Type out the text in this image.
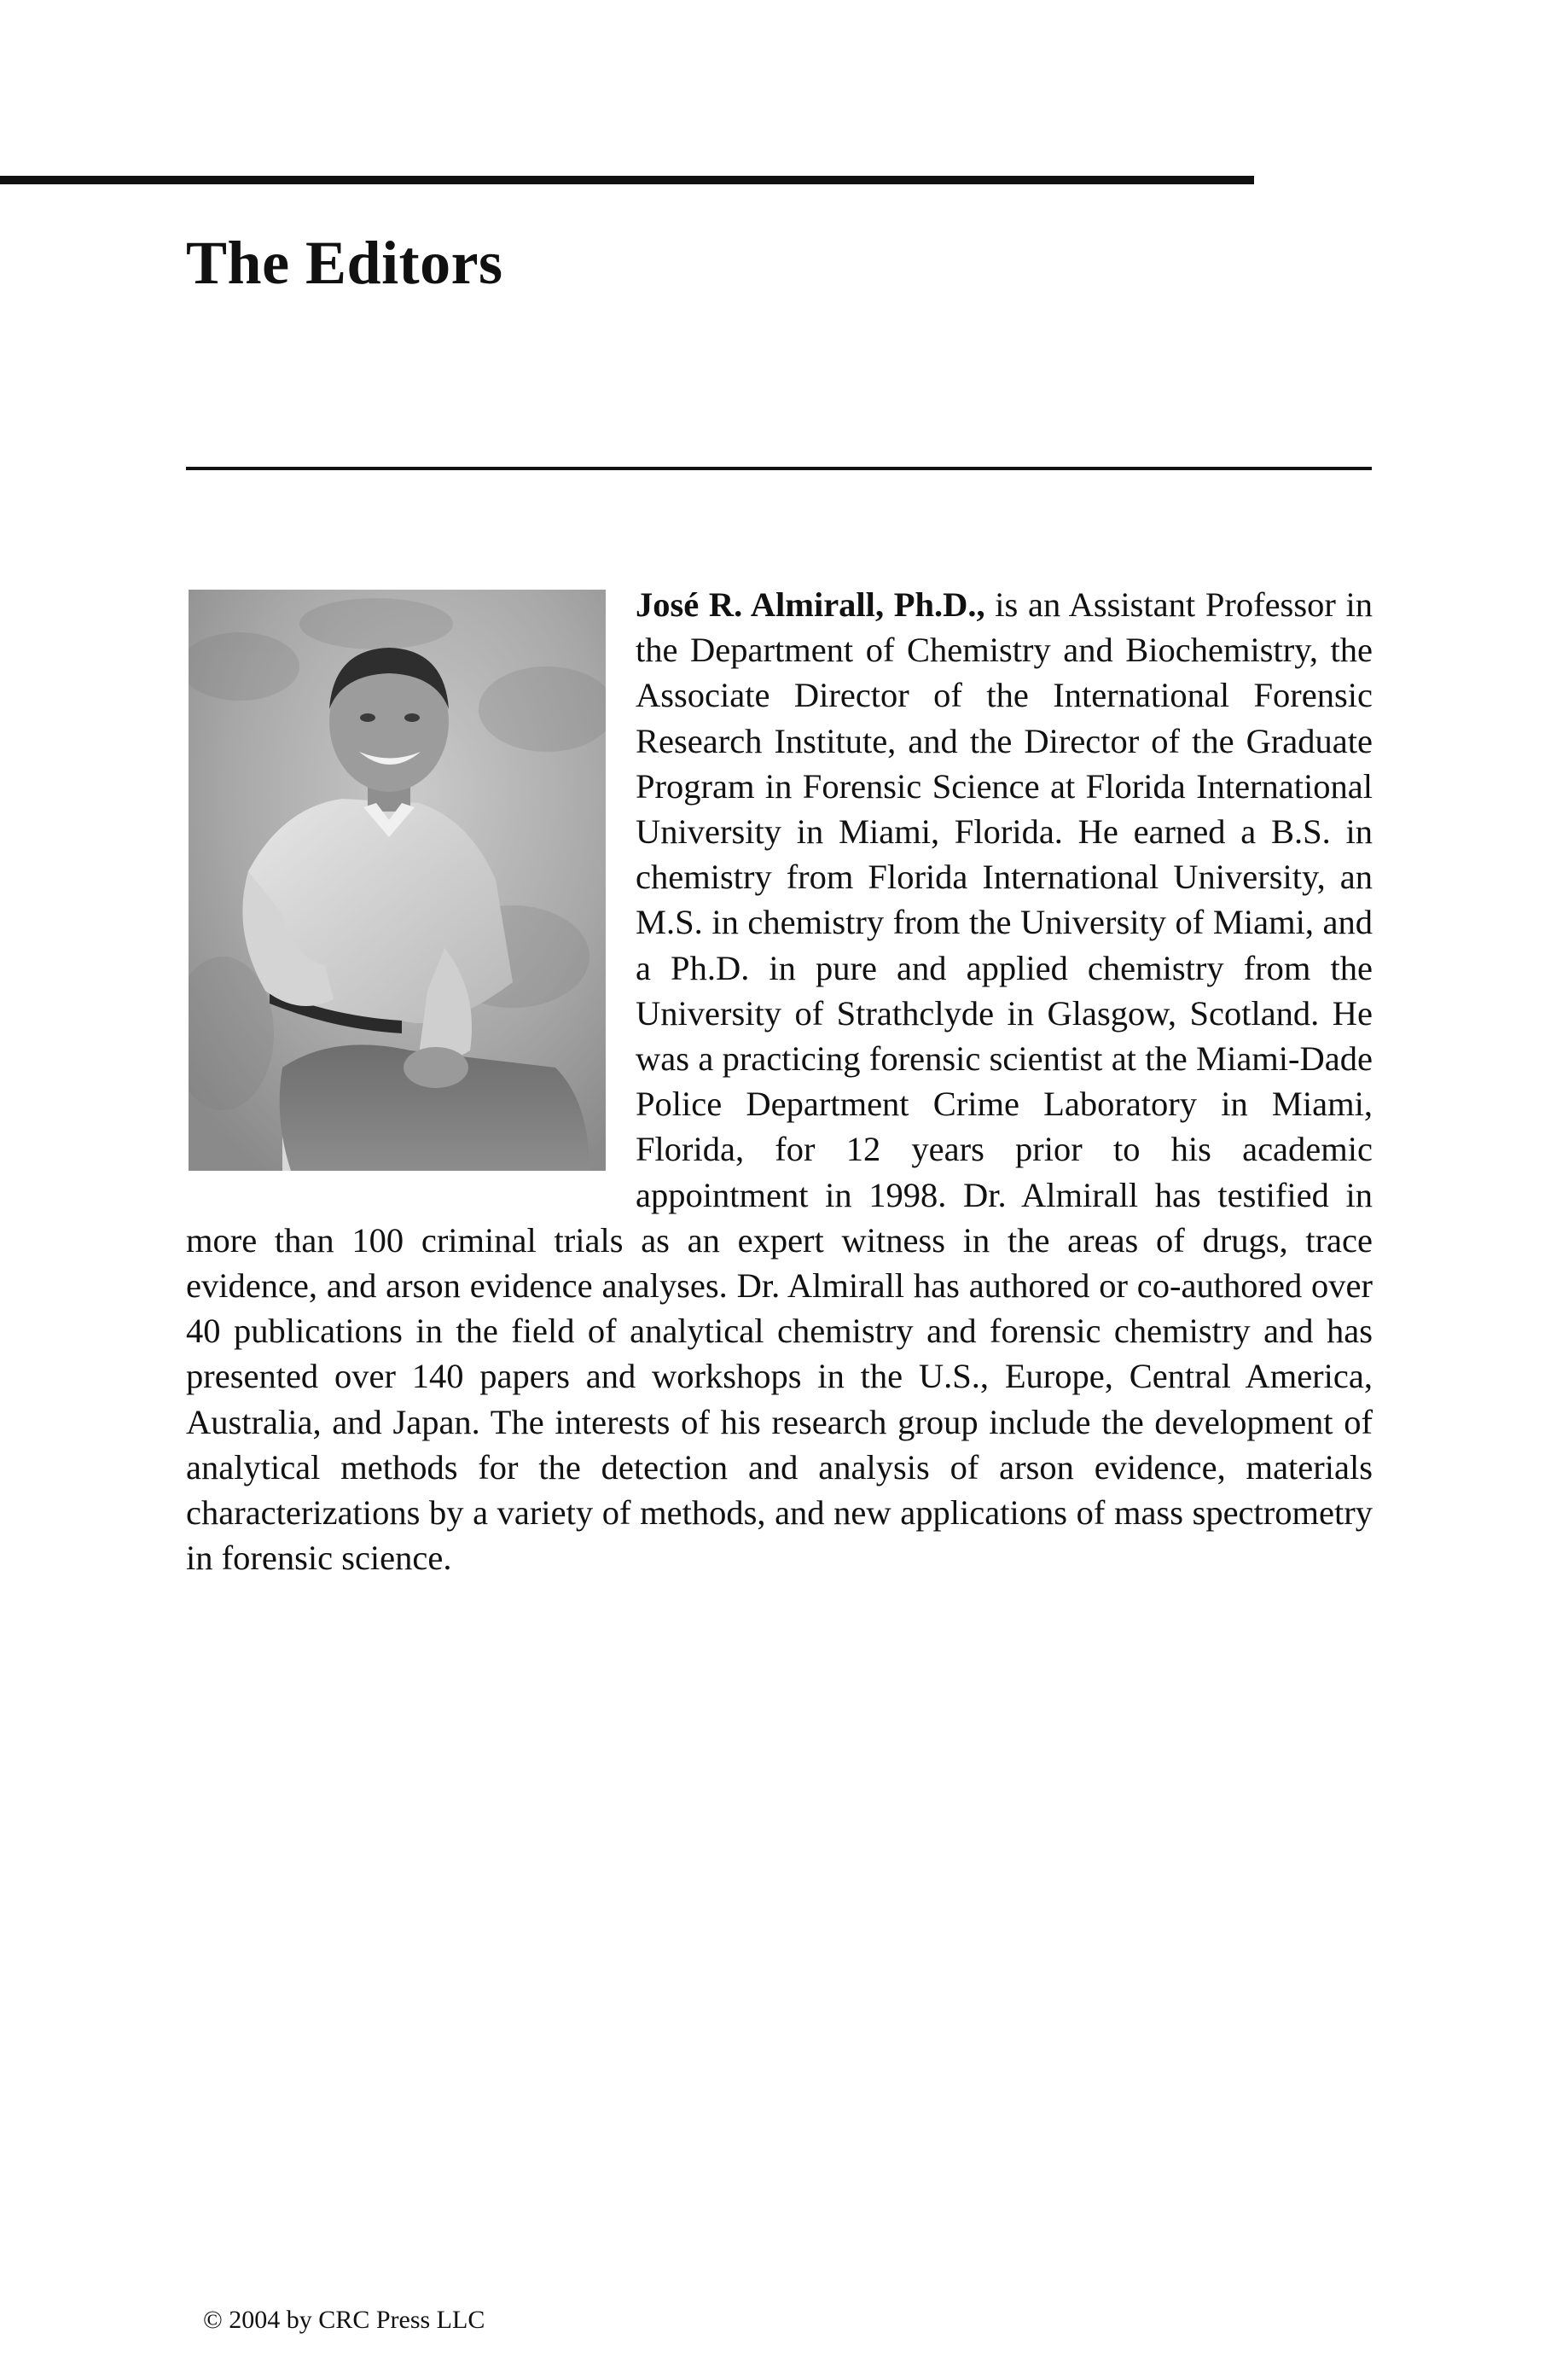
The Editors

José R. Almirall, Ph.D., is an Assistant Professor in the Department of Chemistry and Biochemistry, the Associate Director of the International Forensic Research Institute, and the Director of the Graduate Program in Forensic Science at Florida International University in Miami, Florida. He earned a B.S. in chemistry from Florida International University, an M.S. in chemistry from the University of Miami, and a Ph.D. in pure and applied chemistry from the University of Strathclyde in Glasgow, Scotland. He was a practicing forensic scientist at the Miami-Dade Police Department Crime Laboratory in Miami, Florida, for 12 years prior to his academic appointment in 1998. Dr. Almirall has testified in more than 100 criminal trials as an expert witness in the areas of drugs, trace evidence, and arson evidence analyses. Dr. Almirall has authored or co-authored over 40 publications in the field of analytical chemistry and forensic chemistry and has presented over 140 papers and workshops in the U.S., Europe, Central America, Australia, and Japan. The interests of his research group include the development of analytical methods for the detection and analysis of arson evidence, materials characterizations by a variety of methods, and new applications of mass spectrometry in forensic science.

© 2004 by CRC Press LLC
